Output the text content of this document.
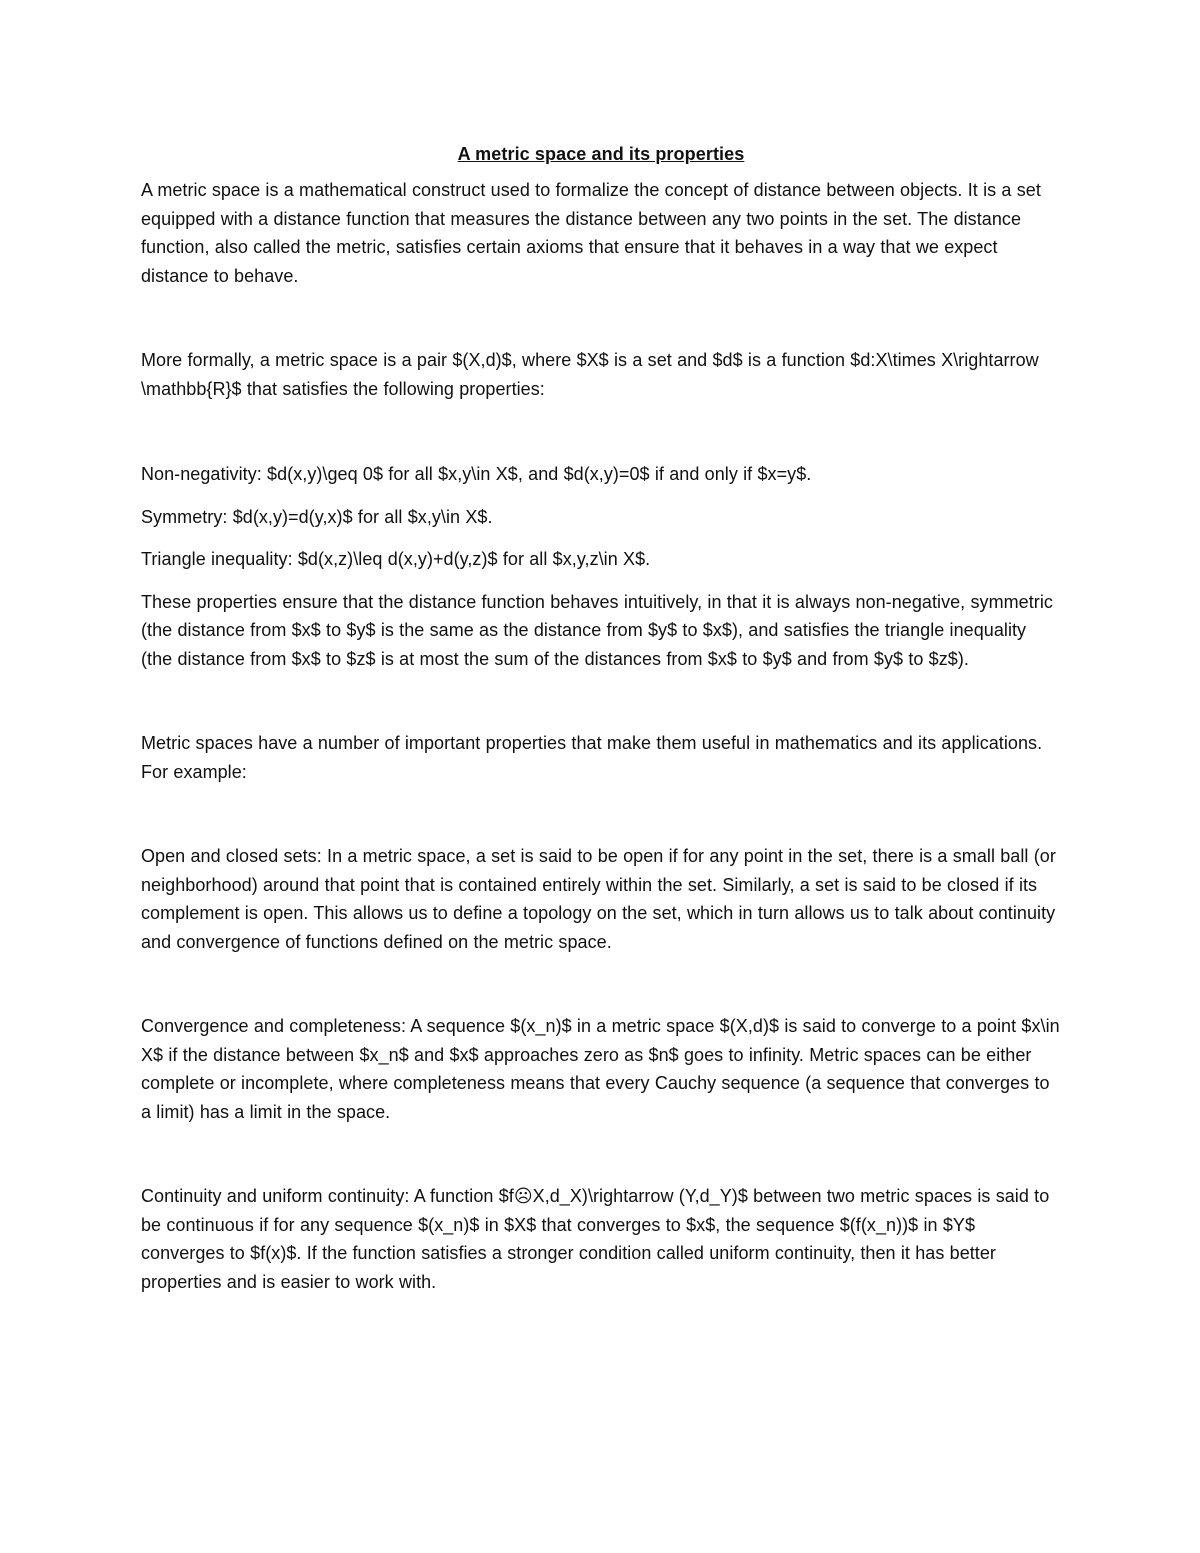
A metric space and its properties

A metric space is a mathematical construct used to formalize the concept of distance between objects. It is a set equipped with a distance function that measures the distance between any two points in the set. The distance function, also called the metric, satisfies certain axioms that ensure that it behaves in a way that we expect distance to behave.

More formally, a metric space is a pair $(X,d)$, where $X$ is a set and $d$ is a function $d:X\times X\rightarrow \mathbb{R}$ that satisfies the following properties:

Non-negativity: $d(x,y)\geq 0$ for all $x,y\in X$, and $d(x,y)=0$ if and only if $x=y$.

Symmetry: $d(x,y)=d(y,x)$ for all $x,y\in X$.

Triangle inequality: $d(x,z)\leq d(x,y)+d(y,z)$ for all $x,y,z\in X$.

These properties ensure that the distance function behaves intuitively, in that it is always non-negative, symmetric (the distance from $x$ to $y$ is the same as the distance from $y$ to $x$), and satisfies the triangle inequality (the distance from $x$ to $z$ is at most the sum of the distances from $x$ to $y$ and from $y$ to $z$).

Metric spaces have a number of important properties that make them useful in mathematics and its applications. For example:

Open and closed sets: In a metric space, a set is said to be open if for any point in the set, there is a small ball (or neighborhood) around that point that is contained entirely within the set. Similarly, a set is said to be closed if its complement is open. This allows us to define a topology on the set, which in turn allows us to talk about continuity and convergence of functions defined on the metric space.

Convergence and completeness: A sequence $(x_n)$ in a metric space $(X,d)$ is said to converge to a point $x\in X$ if the distance between $x_n$ and $x$ approaches zero as $n$ goes to infinity. Metric spaces can be either complete or incomplete, where completeness means that every Cauchy sequence (a sequence that converges to a limit) has a limit in the space.

Continuity and uniform continuity: A function $f☹X,d_X)\rightarrow (Y,d_Y)$ between two metric spaces is said to be continuous if for any sequence $(x_n)$ in $X$ that converges to $x$, the sequence $(f(x_n))$ in $Y$ converges to $f(x)$. If the function satisfies a stronger condition called uniform continuity, then it has better properties and is easier to work with.
